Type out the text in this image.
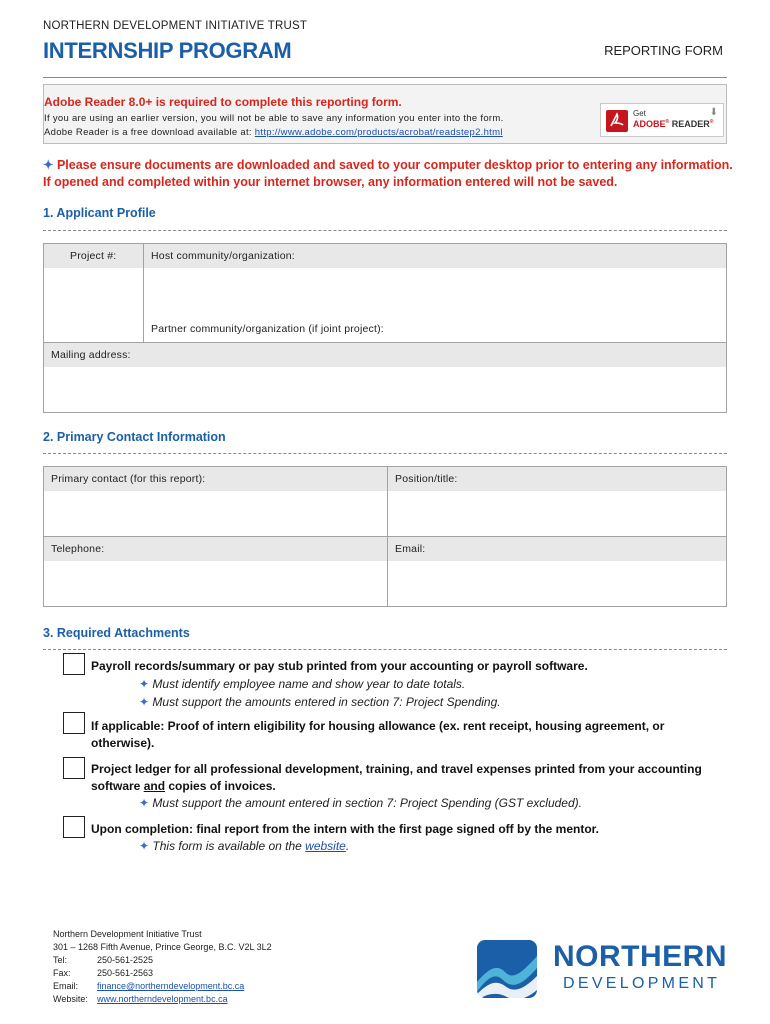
NORTHERN DEVELOPMENT INITIATIVE TRUST
INTERNSHIP PROGRAM	REPORTING FORM
Adobe Reader 8.0+ is required to complete this reporting form.
If you are using an earlier version, you will not be able to save any information you enter into the form.
Adobe Reader is a free download available at: http://www.adobe.com/products/acrobat/readstep2.html
Get
ADOBE® READER®
⬇
✦ Please ensure documents are downloaded and saved to your computer desktop prior to entering any information.
If opened and completed within your internet browser, any information entered will not be saved.
1. Applicant Profile
Project #:	Host community/organization:
Partner community/organization (if joint project):
Mailing address:
2. Primary Contact Information
Primary contact (for this report):	Position/title:
Telephone:	Email:
3. Required Attachments
Payroll records/summary or pay stub printed from your accounting or payroll software.
✦ Must identify employee name and show year to date totals.
✦ Must support the amounts entered in section 7: Project Spending.
If applicable: Proof of intern eligibility for housing allowance (ex. rent receipt, housing agreement, or otherwise).
Project ledger for all professional development, training, and travel expenses printed from your accounting software and copies of invoices.
✦ Must support the amount entered in section 7: Project Spending (GST excluded).
Upon completion: final report from the intern with the first page signed off by the mentor.
✦ This form is available on the website.
Northern Development Initiative Trust
301 – 1268 Fifth Avenue, Prince George, B.C. V2L 3L2
Tel:	250-561-2525
Fax:	250-561-2563
Email: finance@northerndevelopment.bc.ca
Website: www.northerndevelopment.bc.ca
NORTHERN
DEVELOPMENT
